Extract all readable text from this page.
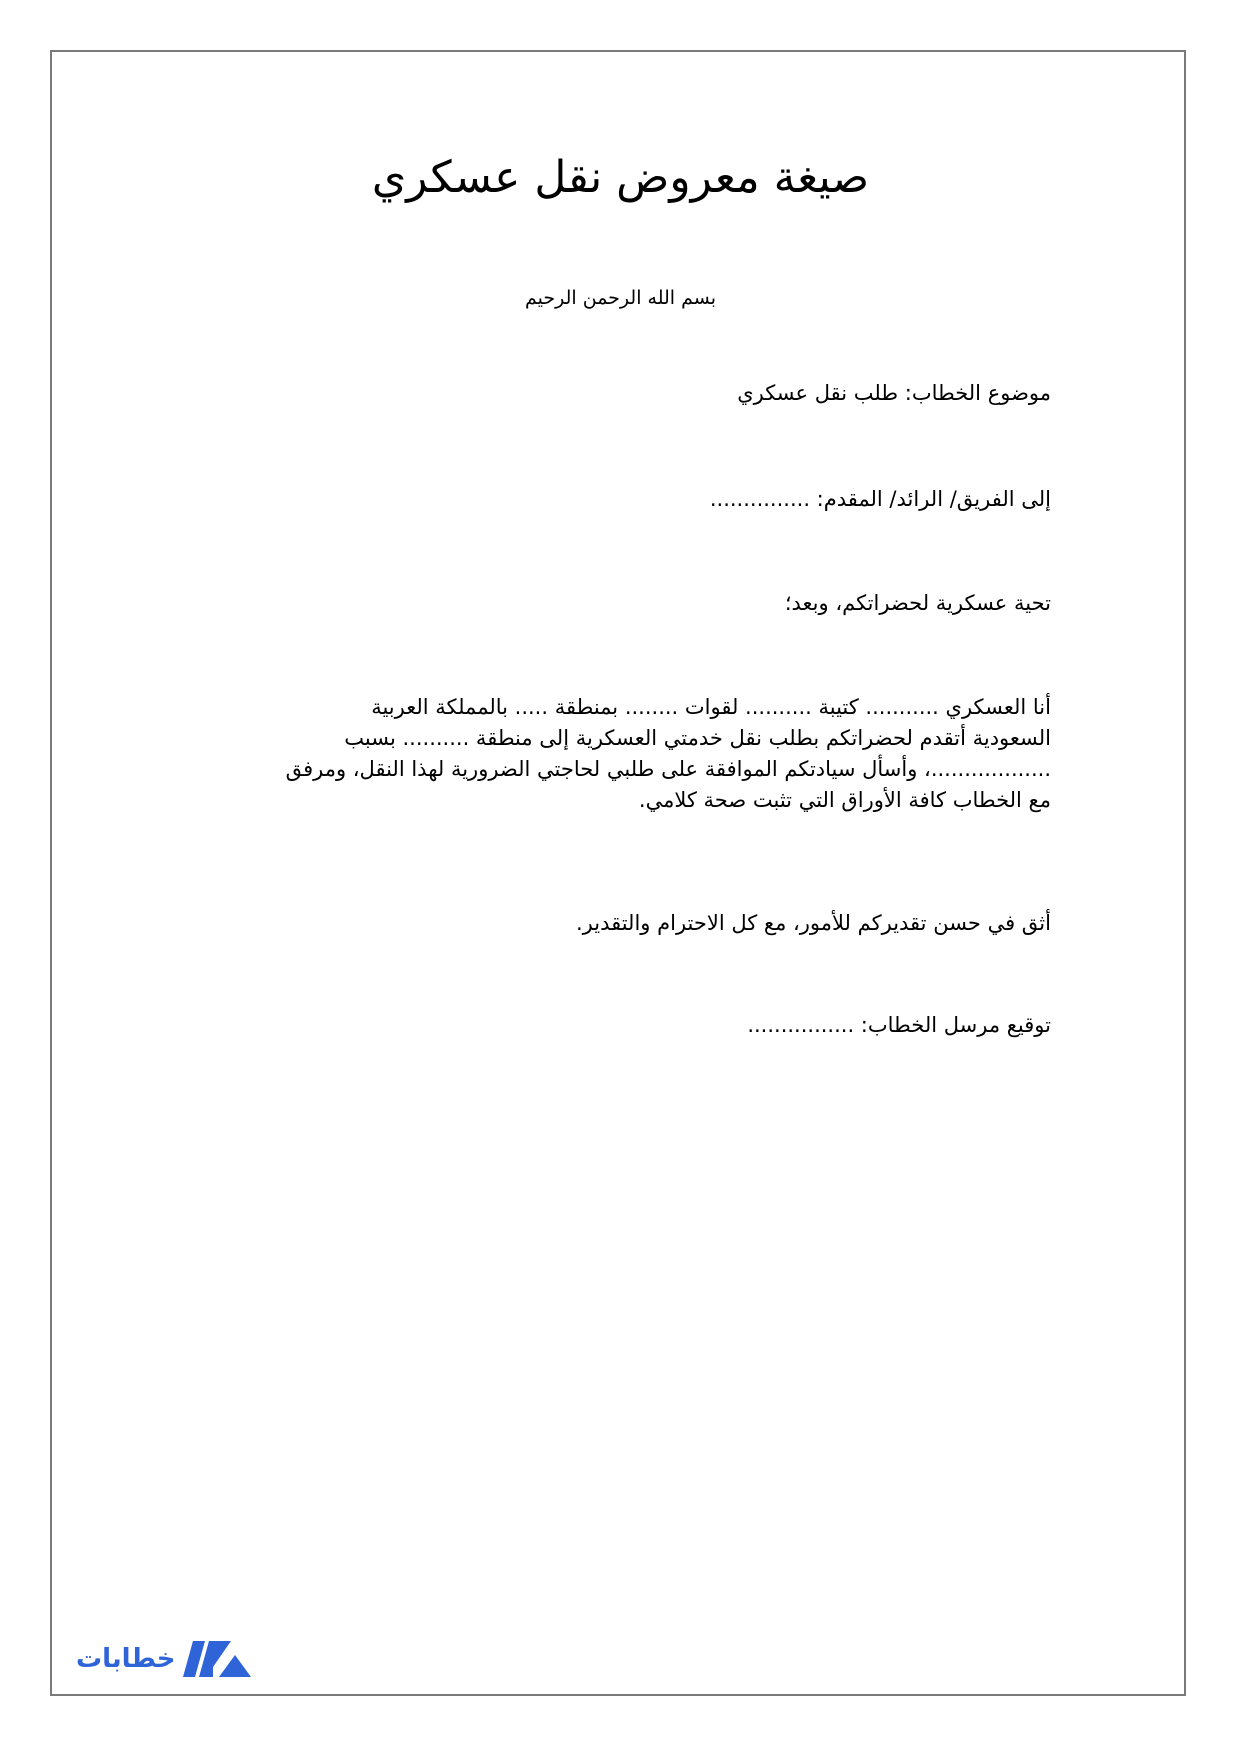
صيغة معروض نقل عسكري
بسم الله الرحمن الرحيم
موضوع الخطاب: طلب نقل عسكري
إلى الفريق/ الرائد/ المقدم: ...............
تحية عسكرية لحضراتكم، وبعد؛

أنا العسكري ........... كتيبة .......... لقوات ........ بمنطقة ..... بالمملكة العربية
السعودية أتقدم لحضراتكم بطلب نقل خدمتي العسكرية إلى منطقة .......... بسبب
..................، وأسأل سيادتكم الموافقة على طلبي لحاجتي الضرورية لهذا النقل، ومرفق
مع الخطاب كافة الأوراق التي تثبت صحة كلامي.

أثق في حسن تقديركم للأمور، مع كل الاحترام والتقدير.
توقيع مرسل الخطاب: ................
خطابات
